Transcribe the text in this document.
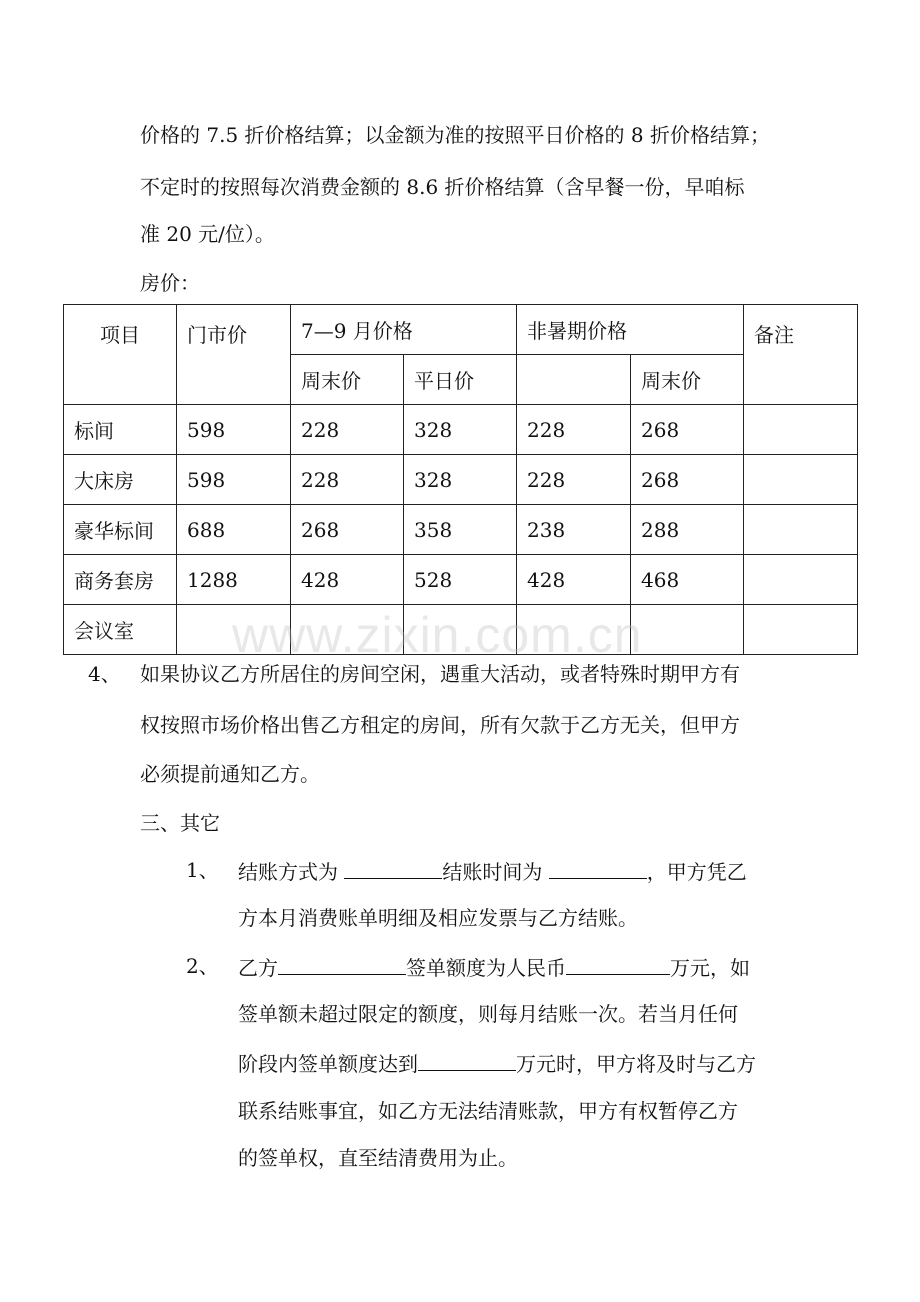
价格的 7.5 折价格结算；以金额为准的按照平日价格的 8 折价格结算；
不定时的按照每次消费金额的 8.6 折价格结算（含早餐一份，早咱标
准 20 元/位）。
房价：
项目	门市价	7—9 月价格		非暑期价格		备注
		周末价	平日价		周末价	
标间	598	228	328	228	268	
大床房	598	228	328	228	268	
豪华标间	688	268	358	238	288	
商务套房	1288	428	528	428	468	
会议室						www.zixin.com.cn
4、 如果协议乙方所居住的房间空闲，遇重大活动，或者特殊时期甲方有
权按照市场价格出售乙方租定的房间，所有欠款于乙方无关，但甲方
必须提前通知乙方。
三、其它
1、 结账方式为	结账时间为	，甲方凭乙
方本月消费账单明细及相应发票与乙方结账。
2、 乙方	签单额度为人民币	万元，如
签单额未超过限定的额度，则每月结账一次。若当月任何
阶段内签单额度达到	万元时，甲方将及时与乙方
联系结账事宜，如乙方无法结清账款，甲方有权暂停乙方
的签单权，直至结清费用为止。
